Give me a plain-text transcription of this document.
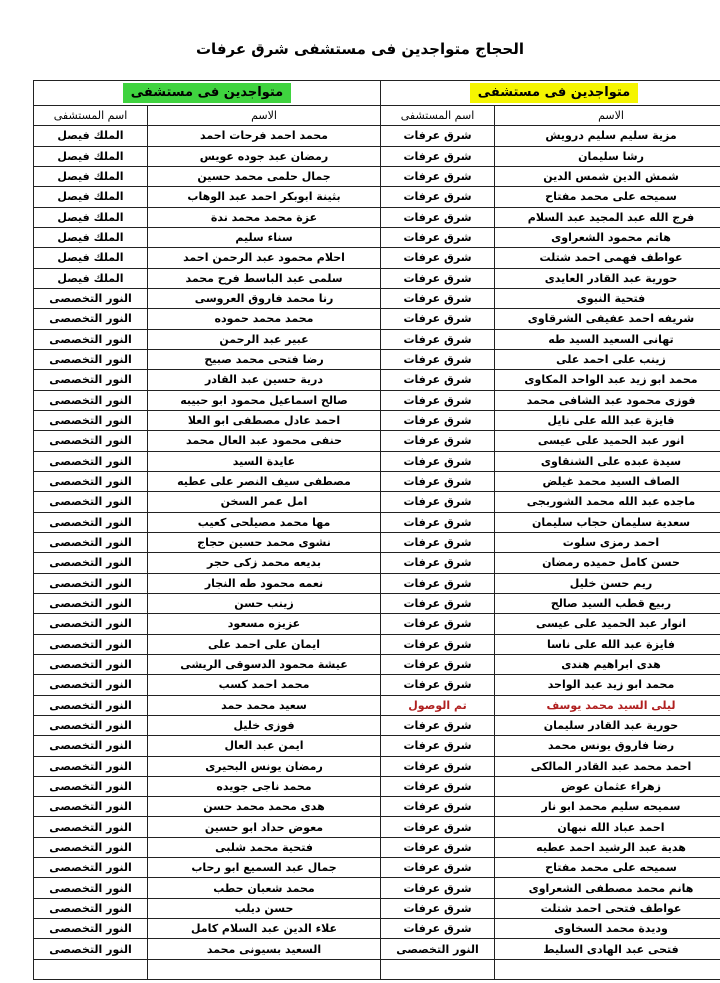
الحجاج متواجدين فى مستشفى شرق عرفات
متواجدين فى مستشفى		متواجدين فى مستشفى	
الاسم	اسم المستشفى	الاسم	اسم المستشفى
مزية سليم سليم درويش	شرق عرفات	محمد احمد فرحات احمد	الملك فيصل
رشا سليمان	شرق عرفات	رمضان عبد جوده عويس	الملك فيصل
شمش الدين شمس الدين	شرق عرفات	جمال حلمى محمد حسين	الملك فيصل
سميحه على محمد مفتاح	شرق عرفات	بثينة ابوبكر احمد عبد الوهاب	الملك فيصل
فرج الله عبد المجيد عبد السلام	شرق عرفات	عزة محمد محمد ندة	الملك فيصل
هاتم محمود الشعراوى	شرق عرفات	سناء سليم	الملك فيصل
عواطف فهمى احمد شتلت	شرق عرفات	احلام محمود عبد الرحمن احمد	الملك فيصل
حورية عبد القادر العايدى	شرق عرفات	سلمى عبد الباسط فرح محمد	الملك فيصل
فتحية النبوى	شرق عرفات	رنا محمد فاروق العروسى	النور التخصصى
شريفه احمد عفيفى الشرقاوى	شرق عرفات	محمد محمد حموده	النور التخصصى
تهانى السعيد السيد طه	شرق عرفات	عبير عبد الرحمن	النور التخصصى
زينب على احمد على	شرق عرفات	رضا فتحى محمد صبيح	النور التخصصى
محمد ابو زيد عبد الواحد المكاوى	شرق عرفات	درية حسين عبد القادر	النور التخصصى
فوزى محمود عبد الشافى محمد	شرق عرفات	صالح اسماعيل محمود ابو حبيبه	النور التخصصى
فايزة عبد الله على نايل	شرق عرفات	احمد عادل مصطفى ابو العلا	النور التخصصى
انور عبد الحميد على عيسى	شرق عرفات	حنفى محمود عبد العال محمد	النور التخصصى
سيدة عبده على الشنقاوى	شرق عرفات	عايدة السيد	النور التخصصى
الصاف السيد محمد غيلض	شرق عرفات	مصطفى سيف النصر على عطيه	النور التخصصى
ماجده عبد الله محمد الشوربجى	شرق عرفات	امل عمر السخن	النور التخصصى
سعدية سليمان حجاب سليمان	شرق عرفات	مها محمد مصيلحى كعيب	النور التخصصى
احمد رمزى سلوت	شرق عرفات	نشوى محمد حسين حجاج	النور التخصصى
حسن كامل حميده رمضان	شرق عرفات	بديعه محمد زكى حجر	النور التخصصى
ريم حسن خليل	شرق عرفات	نعمه محمود طه النجار	النور التخصصى
ربيع قطب السيد صالح	شرق عرفات	زينب حسن	النور التخصصى
انوار عبد الحميد على عيسى	شرق عرفات	عزيزه مسعود	النور التخصصى
فايزة عبد الله على ناسا	شرق عرفات	ايمان على احمد على	النور التخصصى
هدى ابراهيم هندى	شرق عرفات	عيشة محمود الدسوقى الريشى	النور التخصصى
محمد ابو زيد عبد الواحد	شرق عرفات	محمد احمد كسب	النور التخصصى
ليلى السيد محمد يوسف	تم الوصول	سعيد محمد حمد	النور التخصصى
حورية عبد القادر سليمان	شرق عرفات	فوزى خليل	النور التخصصى
رضا فاروق يونس محمد	شرق عرفات	ايمن عبد العال	النور التخصصى
احمد محمد عبد القادر المالكى	شرق عرفات	رمضان يونس البحيرى	النور التخصصى
زهراء عثمان عوض	شرق عرفات	محمد ناجى جويده	النور التخصصى
سميحه سليم محمد ابو نار	شرق عرفات	هدى محمد محمد حسن	النور التخصصى
احمد عباد الله نبهان	شرق عرفات	معوض حداد ابو حسين	النور التخصصى
هدية عبد الرشيد احمد عطيه	شرق عرفات	فتحية محمد شلبى	النور التخصصى
سميحه على محمد مفتاح	شرق عرفات	جمال عبد السميع ابو رحاب	النور التخصصى
هانم محمد مصطفى الشعراوى	شرق عرفات	محمد شعبان حطب	النور التخصصى
عواطف فتحى احمد شتلت	شرق عرفات	حسن ديلب	النور التخصصى
وديدة محمد السخاوى	شرق عرفات	علاء الدين عبد السلام كامل	النور التخصصى
فتحى عبد الهادى السليط	النور التخصصى	السعيد بسيونى محمد	النور التخصصى
